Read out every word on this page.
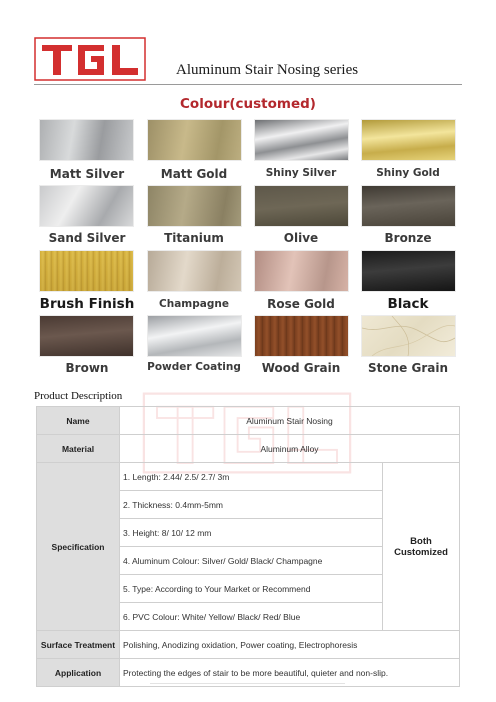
Aluminum Stair Nosing series
Colour(customed)
Matt Silver	Matt Gold	Shiny Silver	Shiny Gold
Sand Silver	Titanium	Olive	Bronze
Brush Finish	Champagne	Rose Gold	Black
Brown	Powder Coating	Wood Grain	Stone Grain
Product Description
Name	Aluminum Stair Nosing	
Material	Aluminum Alloy	
Specification	1. Length: 2.44/ 2.5/ 2.7/ 3m	Both
Customized
	2. Thickness: 0.4mm-5mm	
	3. Height: 8/ 10/ 12 mm	
	4. Aluminum Colour: Silver/ Gold/ Black/ Champagne	
	5. Type: According to Your Market or Recommend	
	6. PVC Colour: White/ Yellow/ Black/ Red/ Blue	
Surface Treatment	Polishing, Anodizing oxidation, Power coating, Electrophoresis	
Application	Protecting the edges of stair to be more beautiful, quieter and non-slip.	
